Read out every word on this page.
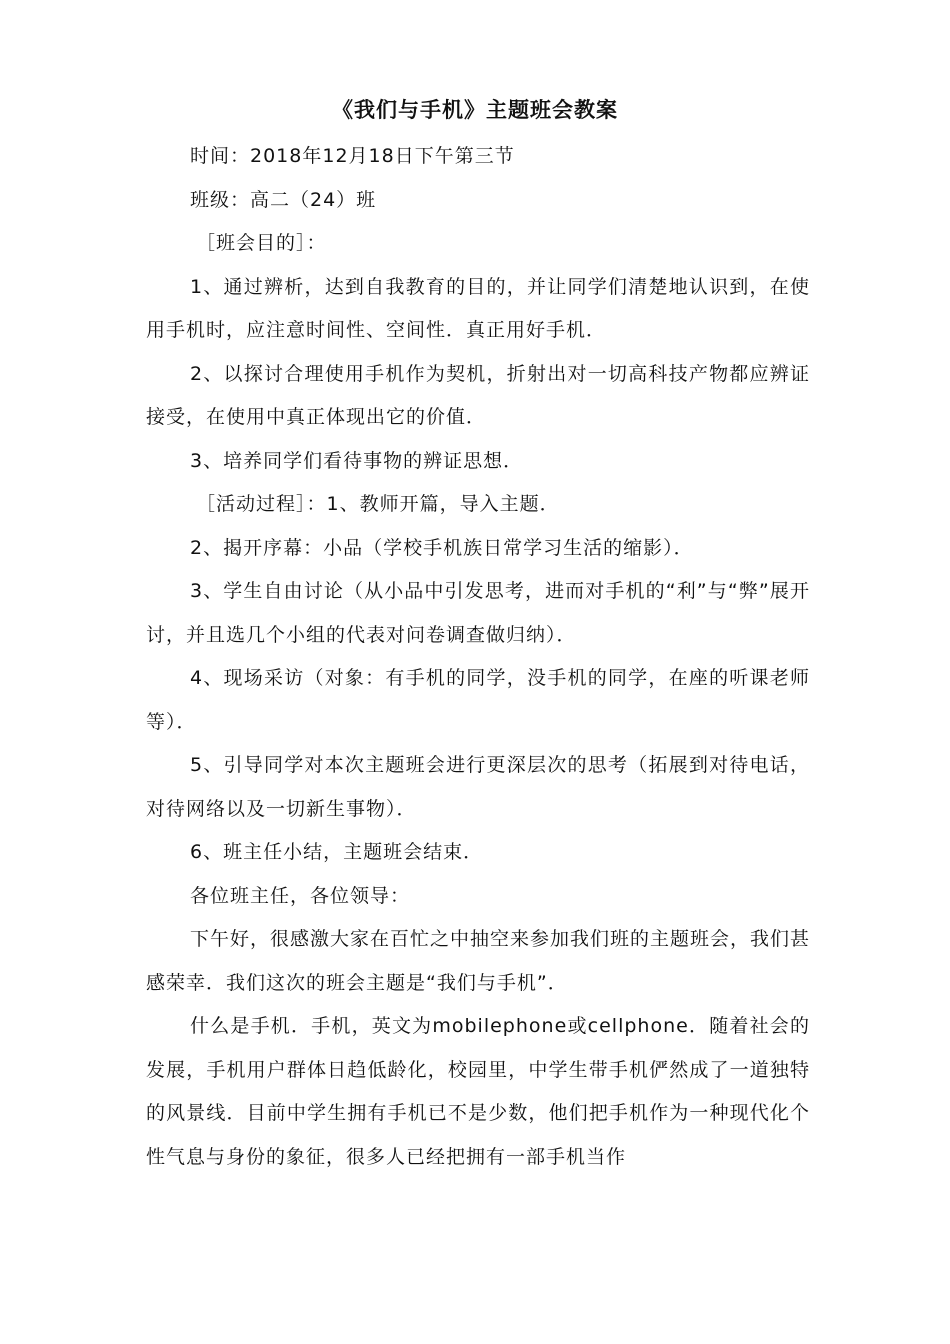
《我们与手机》主题班会教案

时间：2018年12月18日下午第三节

班级：高二（24）班

［班会目的］：

1、通过辨析，达到自我教育的目的，并让同学们清楚地认识到，在使用手机时，应注意时间性、空间性．真正用好手机．

2、以探讨合理使用手机作为契机，折射出对一切高科技产物都应辨证接受，在使用中真正体现出它的价值．

3、培养同学们看待事物的辨证思想．

［活动过程］：1、教师开篇，导入主题．

2、揭开序幕：小品（学校手机族日常学习生活的缩影）．

3、学生自由讨论（从小品中引发思考，进而对手机的“利”与“弊”展开讨，并且选几个小组的代表对问卷调查做归纳）．

4、现场采访（对象：有手机的同学，没手机的同学，在座的听课老师等）．

5、引导同学对本次主题班会进行更深层次的思考（拓展到对待电话，对待网络以及一切新生事物）．

6、班主任小结，主题班会结束．

各位班主任，各位领导：

下午好，很感激大家在百忙之中抽空来参加我们班的主题班会，我们甚感荣幸．我们这次的班会主题是“我们与手机”．

什么是手机．手机，英文为mobilephone或cellphone．随着社会的发展，手机用户群体日趋低龄化，校园里，中学生带手机俨然成了一道独特的风景线．目前中学生拥有手机已不是少数，他们把手机作为一种现代化个性气息与身份的象征，很多人已经把拥有一部手机当作
